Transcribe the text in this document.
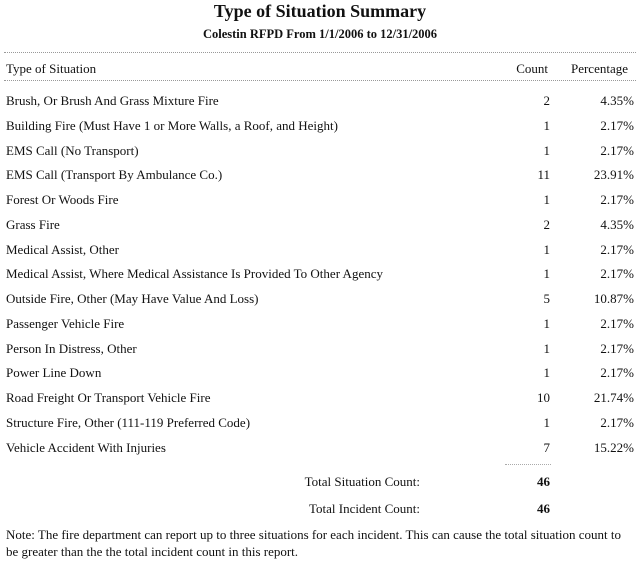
Type of Situation Summary
Colestin RFPD From 1/1/2006 to 12/31/2006
Type of Situation	Count	Percentage
Brush, Or Brush And Grass Mixture Fire	2	4.35%
Building Fire (Must Have 1 or More Walls, a Roof, and Height)	1	2.17%
EMS Call (No Transport)	1	2.17%
EMS Call (Transport By Ambulance Co.)	11	23.91%
Forest Or Woods Fire	1	2.17%
Grass Fire	2	4.35%
Medical Assist, Other	1	2.17%
Medical Assist, Where Medical Assistance Is Provided To Other Agency	1	2.17%
Outside Fire, Other (May Have Value And Loss)	5	10.87%
Passenger Vehicle Fire	1	2.17%
Person In Distress, Other	1	2.17%
Power Line Down	1	2.17%
Road Freight Or Transport Vehicle Fire	10	21.74%
Structure Fire, Other (111-119 Preferred Code)	1	2.17%
Vehicle Accident With Injuries	7	15.22%
Total Situation Count:	46
Total Incident Count:	46
Note: The fire department can report up to three situations for each incident. This can cause the total situation count to be greater than the the total incident count in this report.
